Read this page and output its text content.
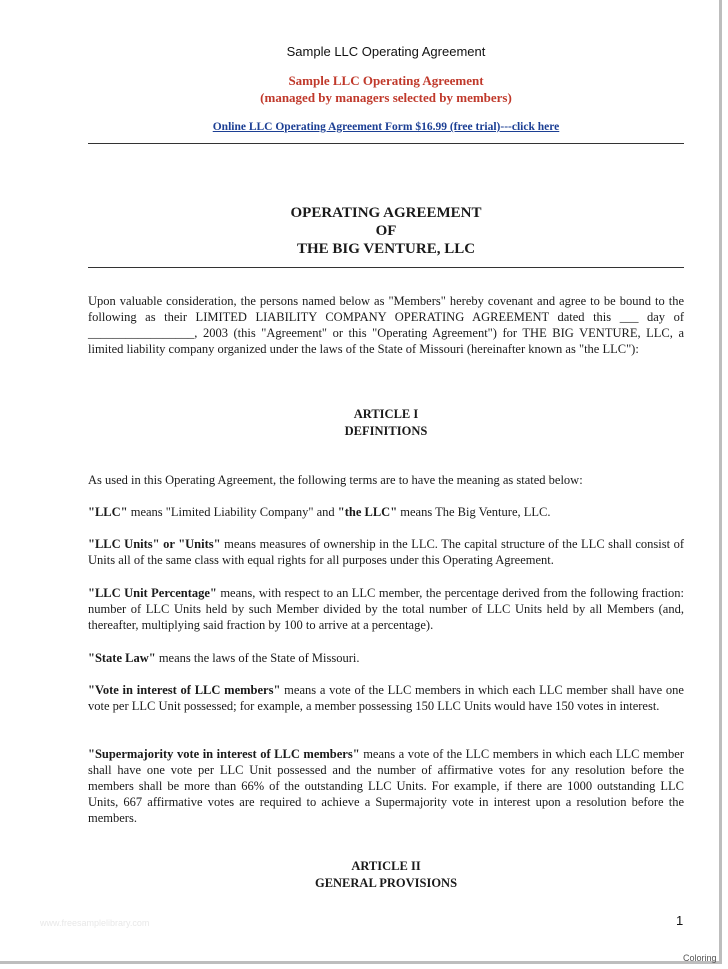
Sample LLC Operating Agreement
Sample LLC Operating Agreement
(managed by managers selected by members)
Online LLC Operating Agreement Form $16.99 (free trial)---click here
OPERATING AGREEMENT
OF
THE BIG VENTURE, LLC
Upon valuable consideration, the persons named below as "Members" hereby covenant and agree to be bound to the following as their LIMITED LIABILITY COMPANY OPERATING AGREEMENT dated this ___ day of _________________, 2003 (this "Agreement" or this "Operating Agreement") for THE BIG VENTURE, LLC, a limited liability company organized under the laws of the State of Missouri (hereinafter known as "the LLC"):
ARTICLE I
DEFINITIONS
As used in this Operating Agreement, the following terms are to have the meaning as stated below:
"LLC" means "Limited Liability Company" and "the LLC" means The Big Venture, LLC.
"LLC Units" or "Units" means measures of ownership in the LLC. The capital structure of the LLC shall consist of Units all of the same class with equal rights for all purposes under this Operating Agreement.
"LLC Unit Percentage" means, with respect to an LLC member, the percentage derived from the following fraction: number of LLC Units held by such Member divided by the total number of LLC Units held by all Members (and, thereafter, multiplying said fraction by 100 to arrive at a percentage).
"State Law" means the laws of the State of Missouri.
"Vote in interest of LLC members" means a vote of the LLC members in which each LLC member shall have one vote per LLC Unit possessed; for example, a member possessing 150 LLC Units would have 150 votes in interest.
"Supermajority vote in interest of LLC members" means a vote of the LLC members in which each LLC member shall have one vote per LLC Unit possessed and the number of affirmative votes for any resolution before the members shall be more than 66% of the outstanding LLC Units. For example, if there are 1000 outstanding LLC Units, 667 affirmative votes are required to achieve a Supermajority vote in interest upon a resolution before the members.
ARTICLE II
GENERAL PROVISIONS
www.freesamplelibrary.com	1
Coloring
